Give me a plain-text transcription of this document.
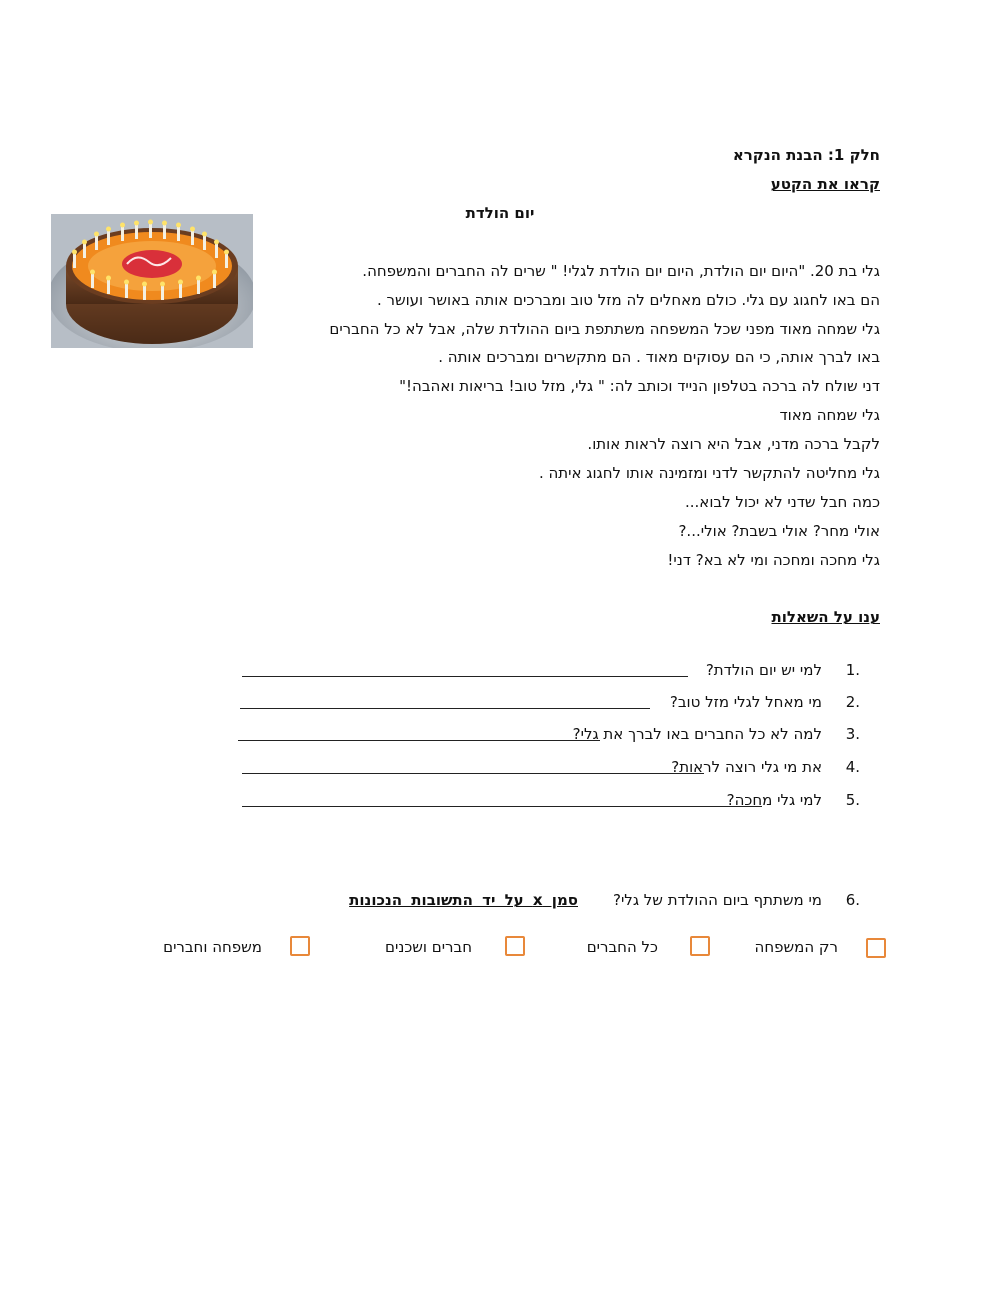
חלק 1: הבנת הנקרא
קראו את הקטע
יום הולדת
גלי בת 20. "היום יום הולדת, היום יום הולדת לגלי! " שרים לה החברים והמשפחה.
הם באו לחגוג עם גלי. כולם מאחלים לה מזל טוב ומברכים אותה באושר ועושר .
גלי שמחה מאוד מפני שכל המשפחה משתתפת ביום ההולדת שלה, אבל לא כל החברים
באו לברך אותה, כי הם עסוקים מאוד . הם מתקשרים ומברכים אותה .
דני שולח לה ברכה בטלפון הנייד וכותב לה: " גלי, מזל טוב! בריאות ואהבה!"
גלי שמחה מאוד
לקבל ברכה מדני, אבל היא רוצה לראות אותו.
גלי מחליטה להתקשר לדני ומזמינה אותו לחגוג איתה .
כמה חבל שדני לא יכול לבוא...
אולי מחר? אולי בשבת? אולי...?
גלי מחכה ומחכה ומי לא בא? דני!
ענו על השאלות
1.
למי יש יום הולדת?
2.
מי מאחל לגלי מזל טוב?
3.
למה לא כל החברים באו לברך את גלי?
4.
את מי גלי רוצה לראות?
5.
למי גלי מחכה?
6.
מי משתתף ביום ההולדת של גלי?
סמן x על יד התשובות הנכונות
רק המשפחה
כל החברים
חברים ושכנים
משפחה וחברים
